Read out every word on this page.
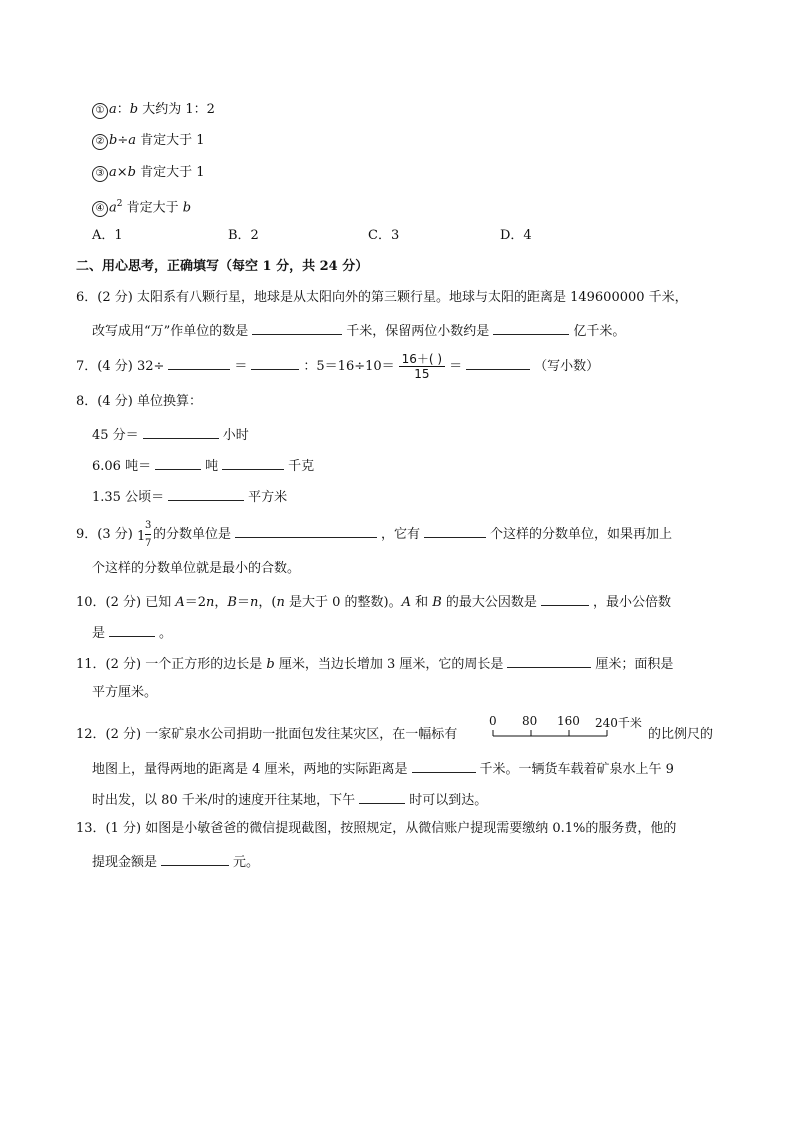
① a：b 大约为 1：2
② b÷a 肯定大于 1
③ a×b 肯定大于 1
④ $a^2$ 肯定大于 b
A．1	B．2	C．3	D．4
二、用心思考，正确填写（每空 1 分，共 24 分）
6．(2 分) 太阳系有八颗行星，地球是从太阳向外的第三颗行星。地球与太阳的距离是 149600000 千米，
改写成用“万”作单位的数是	千米，保留两位小数约是	亿千米。
7．(4 分) 32÷	＝	：$5=16\div 10= \frac{16+( )}{15}$ ＝	（写小数）
8．(4 分) 单位换算：
45 分＝	小时
6.06 吨＝	吨	千克
1.35 公顷＝	平方米
9．(3 分) 1
3
7
的分数单位是	，它有	个这样的分数单位，如果再加上
个这样的分数单位就是最小的合数。
10．(2 分) 已知 A＝2n，B＝n，(n 是大于 0 的整数)。A 和 B 的最大公因数是	，最小公倍数
是	。
11．(2 分) 一个正方形的边长是 b 厘米，当边长增加 3 厘米，它的周长是	厘米；面积是
平方厘米。
12．(2 分) 一家矿泉水公司捐助一批面包发往某灾区，在一幅标有
0 80 160 240千米
的比例尺的
地图上，量得两地的距离是 4 厘米，两地的实际距离是	千米。一辆货车载着矿泉水上午 9
时出发，以 80 千米/时的速度开往某地，下午	时可以到达。
13．(1 分) 如图是小敏爸爸的微信提现截图，按照规定，从微信账户提现需要缴纳 0.1%的服务费，他的
提现金额是	元。
